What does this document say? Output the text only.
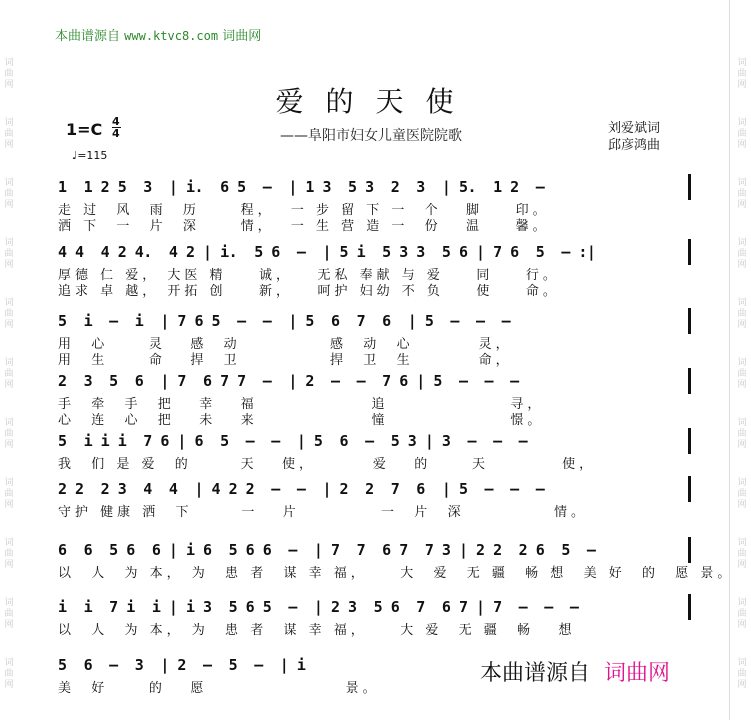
词
曲
网
词
曲
网
词
曲
网
词
曲
网
词
曲
网
词
曲
网
词
曲
网
词
曲
网
词
曲
网
词
曲
网
词
曲
网
词
曲
网
词
曲
网
词
曲
网
词
曲
网
词
曲
网
词
曲
网
词
曲
网
词
曲
网
词
曲
网
词
曲
网
词
曲
网
本曲谱源自 www.ktvc8.com 词曲网
爱的天使
——阜阳市妇女儿童医院院歌	刘爱斌词
邱彦鸿曲
1=C 4
4
♩=115
1  1 2 5  3  | i.  6 5  –  | 1 3  5 3  2  3  | 5.  1 2  –
走 过  风  雨  历     程，  一 步 留 下 一  个   脚    印。
洒 下  一  片  深     情，  一 生 营 造 一  份   温    馨。
4 4  4 2 4.  4 2 | i.  5 6  –  | 5 i  5 3 3  5 6 | 7 6  5  – :|
厚德 仁 爱， 大医 精    诚，   无私 奉献 与 爱    同    行。
追求 卓 越， 开拓 创    新，   呵护 妇幼 不 负    使    命。
5  i  –  i  | 7 6 5  –  –  | 5  6  7  6  | 5  –  –  –
用  心     灵   感  动           感  动  心        灵，
用  生     命   捍  卫           捍  卫  生        命，
2  3  5  6  | 7  6 7 7  –  | 2  –  –  7 6 | 5  –  –  –
手  牵  手  把   幸   福              追               寻，
心  连  心  把   未   来              憧               憬。
5  i i i  7 6 | 6  5  –  –  | 5  6  –  5 3 | 3  –  –  –
我  们 是 爱  的      天   使，       爱   的     天         使，
2 2  2 3  4  4  | 4 2 2  –  –  | 2  2  7  6  | 5  –  –  –
守护 健康 洒  下      一   片          一  片  深           情。
6  6  5 6  6 | i 6  5 6 6  –  | 7  7  6 7  7 3 | 2 2  2 6  5  –
以  人  为 本， 为  患 者  谋 幸 福，    大  爱  无 疆  畅 想  美 好  的  愿 景。
i  i  7 i  i | i 3  5 6 5  –  | 2 3  5 6  7  6 7 | 7  –  –  –
以  人  为 本， 为  患 者  谋 幸 福，    大 爱  无 疆  畅   想
5  6  –  3  | 2  –  5  –  | i
美  好     的   愿                 景。
本曲谱源自 词曲网
